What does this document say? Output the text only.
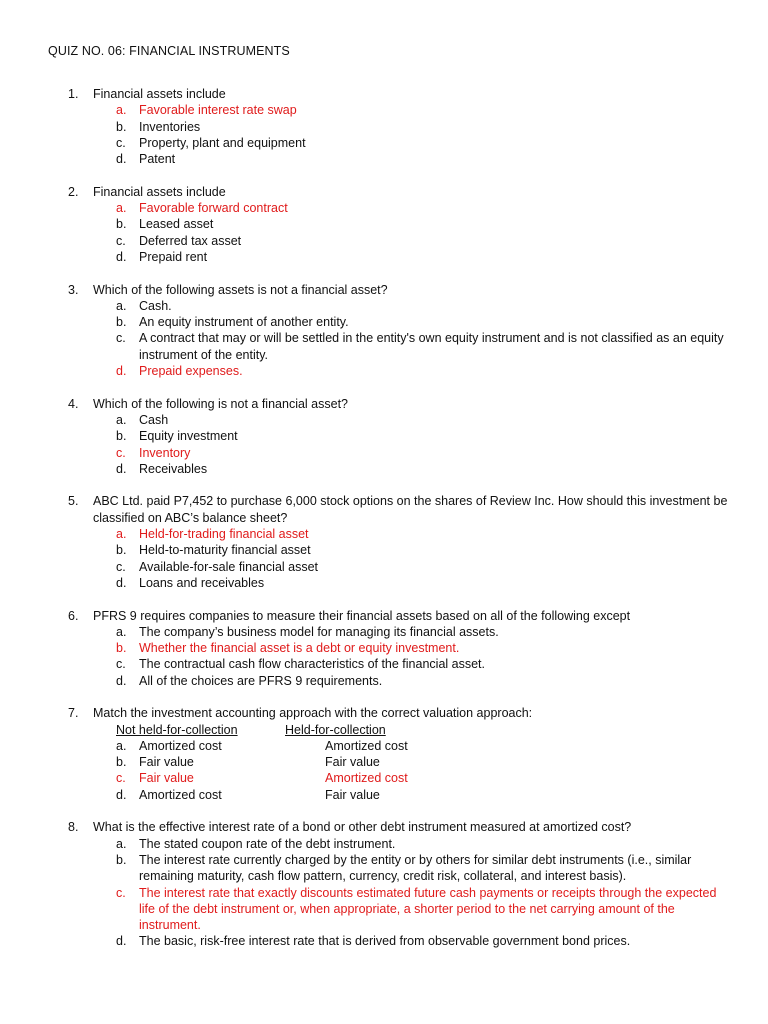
QUIZ NO. 06: FINANCIAL INSTRUMENTS
1. Financial assets include
a. Favorable interest rate swap
b. Inventories
c. Property, plant and equipment
d. Patent
2. Financial assets include
a. Favorable forward contract
b. Leased asset
c. Deferred tax asset
d. Prepaid rent
3. Which of the following assets is not a financial asset?
a. Cash.
b. An equity instrument of another entity.
c. A contract that may or will be settled in the entity's own equity instrument and is not classified as an equity instrument of the entity.
d. Prepaid expenses.
4. Which of the following is not a financial asset?
a. Cash
b. Equity investment
c. Inventory
d. Receivables
5. ABC Ltd. paid P7,452 to purchase 6,000 stock options on the shares of Review Inc. How should this investment be classified on ABC’s balance sheet?
a. Held-for-trading financial asset
b. Held-to-maturity financial asset
c. Available-for-sale financial asset
d. Loans and receivables
6. PFRS 9 requires companies to measure their financial assets based on all of the following except
a. The company’s business model for managing its financial assets.
b. Whether the financial asset is a debt or equity investment.
c. The contractual cash flow characteristics of the financial asset.
d. All of the choices are PFRS 9 requirements.
7. Match the investment accounting approach with the correct valuation approach:
Not held-for-collection	Held-for-collection
a. Amortized cost	Amortized cost
b. Fair value	Fair value
c. Fair value	Amortized cost
d. Amortized cost	Fair value
8. What is the effective interest rate of a bond or other debt instrument measured at amortized cost?
a. The stated coupon rate of the debt instrument.
b. The interest rate currently charged by the entity or by others for similar debt instruments (i.e., similar remaining maturity, cash flow pattern, currency, credit risk, collateral, and interest basis).
c. The interest rate that exactly discounts estimated future cash payments or receipts through the expected life of the debt instrument or, when appropriate, a shorter period to the net carrying amount of the instrument.
d. The basic, risk-free interest rate that is derived from observable government bond prices.
